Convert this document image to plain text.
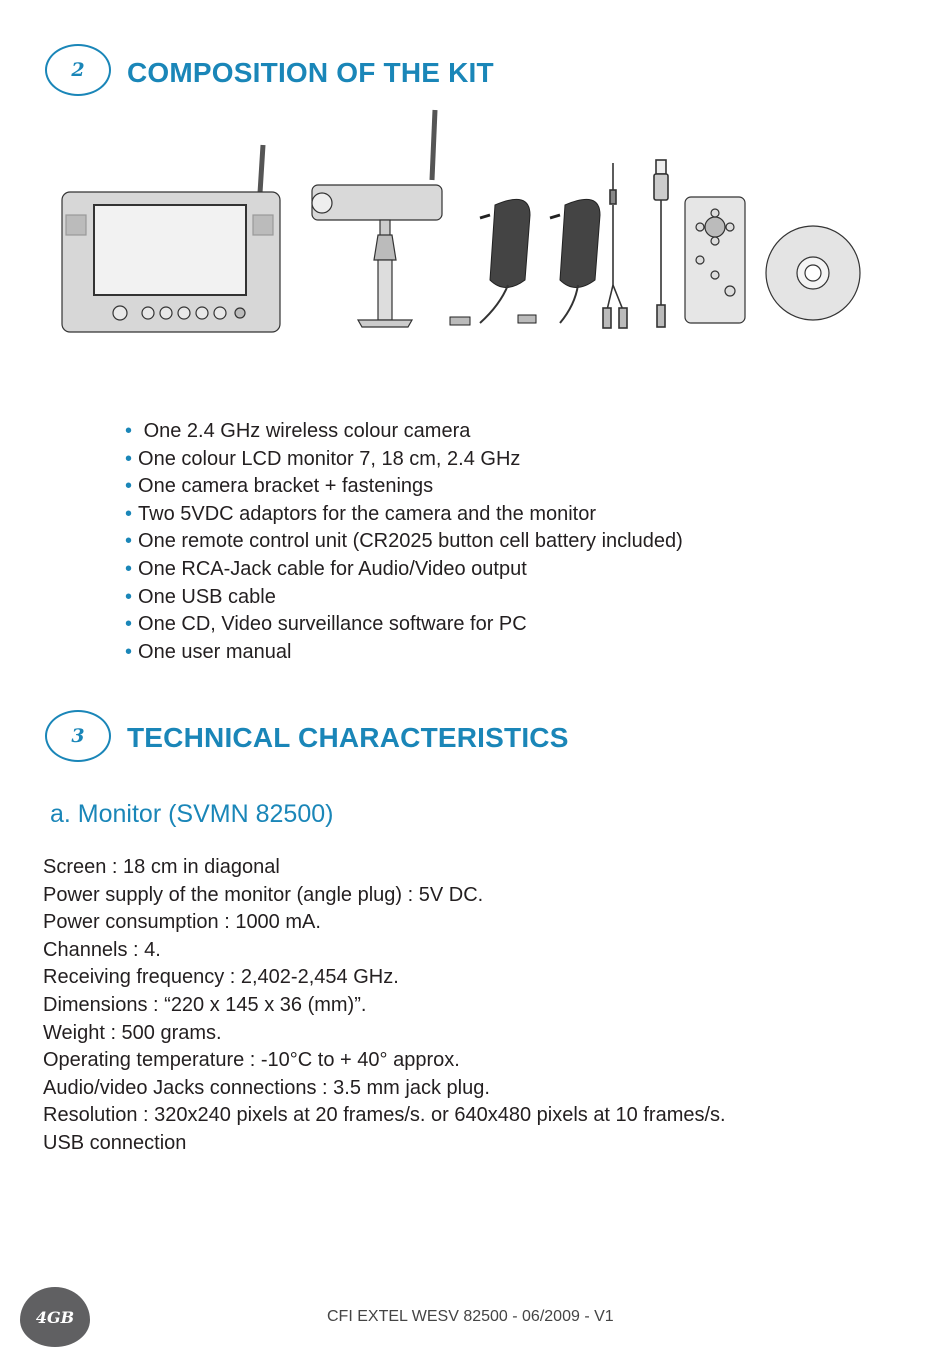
2 COMPOSITION OF THE KIT
• One 2.4 GHz wireless colour camera
• One colour LCD monitor 7, 18 cm, 2.4 GHz
• One camera bracket + fastenings
• Two 5VDC adaptors for the camera and the monitor
• One remote control unit (CR2025 button cell battery included)
• One RCA-Jack cable for Audio/Video output
• One USB cable
• One CD, Video surveillance software for PC
• One user manual
3 TECHNICAL CHARACTERISTICS
a. Monitor (SVMN 82500)
Screen : 18 cm in diagonal
Power supply of the monitor (angle plug) : 5V DC.
Power consumption : 1000 mA.
Channels : 4.
Receiving frequency : 2,402-2,454 GHz.
Dimensions : “220 x 145 x 36 (mm)”.
Weight : 500 grams.
Operating temperature : -10°C to + 40° approx.
Audio/video Jacks connections : 3.5 mm jack plug.
Resolution : 320x240 pixels at 20 frames/s. or 640x480 pixels at 10 frames/s.
USB connection
4GB	CFI EXTEL WESV 82500 - 06/2009 - V1
